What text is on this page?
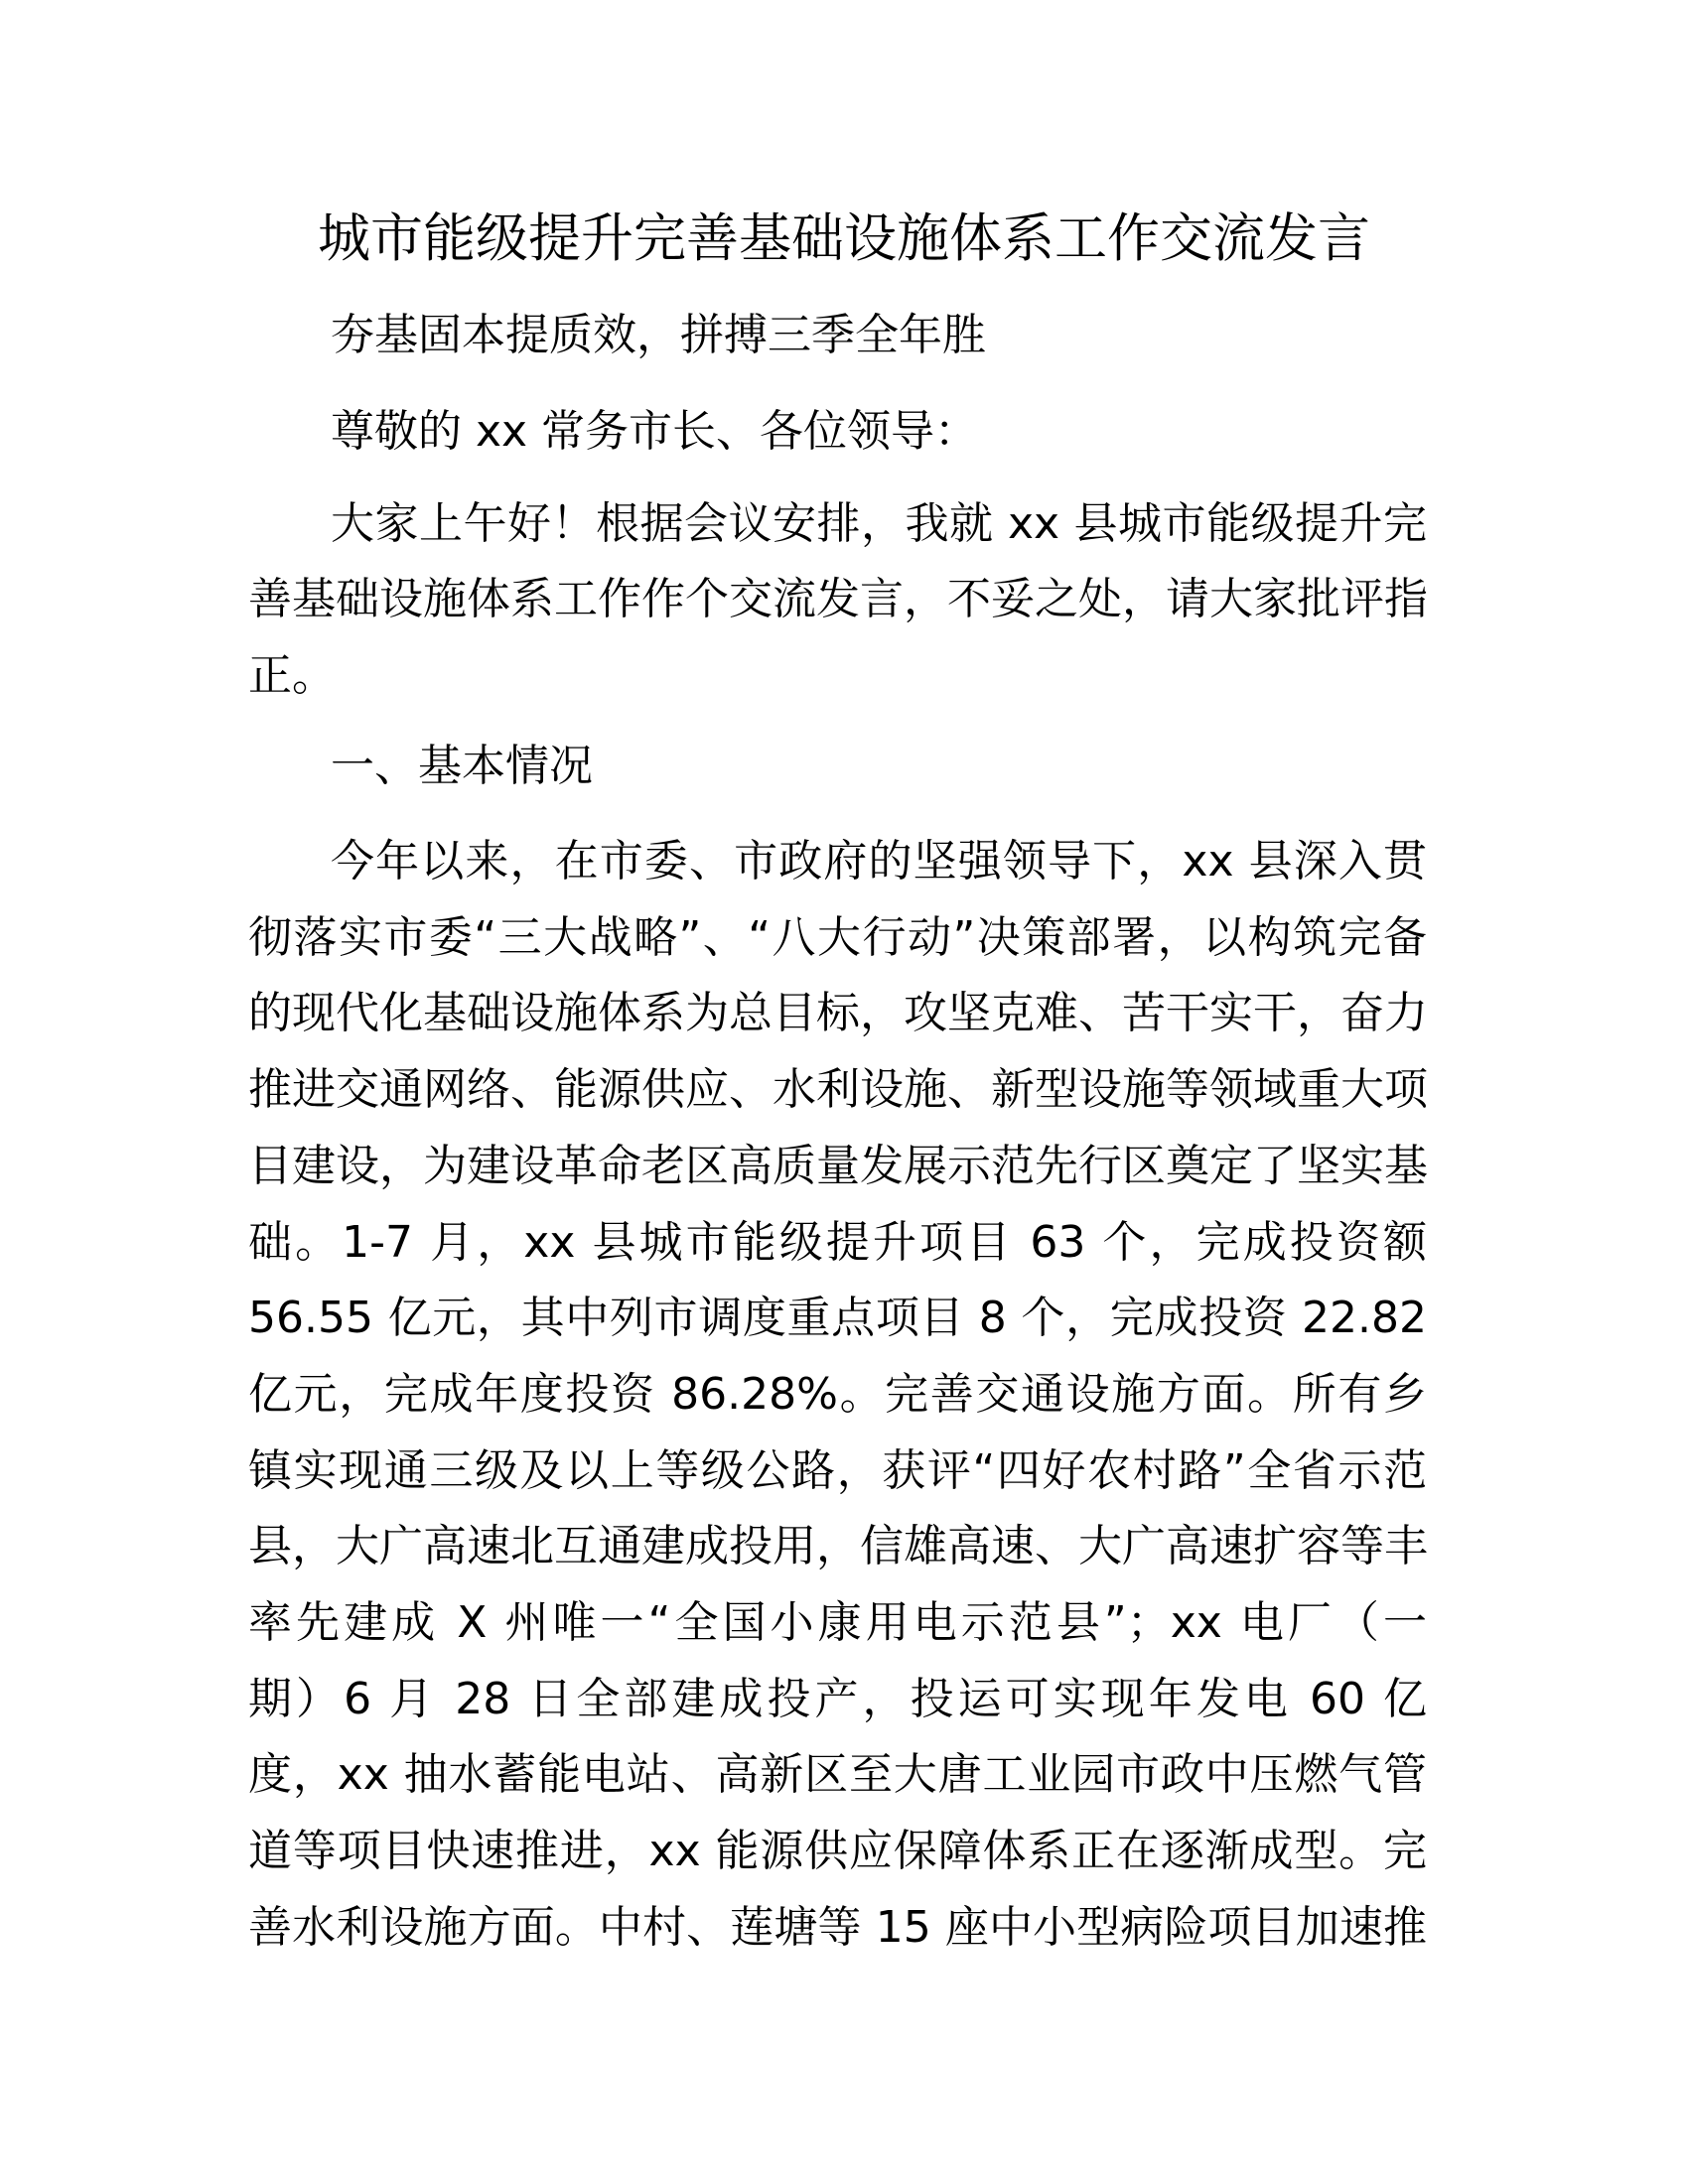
城市能级提升完善基础设施体系工作交流发言
夯基固本提质效，拼搏三季全年胜
尊敬的 xx 常务市长、各位领导：
大家上午好！根据会议安排，我就 xx 县城市能级提升完
善基础设施体系工作作个交流发言，不妥之处，请大家批评指
正。
一、基本情况
今年以来，在市委、市政府的坚强领导下，xx 县深入贯
彻落实市委“三大战略”、“八大行动”决策部署，以构筑完备
的现代化基础设施体系为总目标，攻坚克难、苦干实干，奋力
推进交通网络、能源供应、水利设施、新型设施等领域重大项
目建设，为建设革命老区高质量发展示范先行区奠定了坚实基
础。1-7 月，xx 县城市能级提升项目 63 个，完成投资额
56.55 亿元，其中列市调度重点项目 8 个，完成投资 22.82
亿元，完成年度投资 86.28%。完善交通设施方面。所有乡
镇实现通三级及以上等级公路，获评“四好农村路”全省示范
县，大广高速北互通建成投用，信雄高速、大广高速扩容等丰
率先建成 X 州唯一“全国小康用电示范县”；xx 电厂（一
期）6 月 28 日全部建成投产，投运可实现年发电 60 亿
度，xx 抽水蓄能电站、高新区至大唐工业园市政中压燃气管
道等项目快速推进，xx 能源供应保障体系正在逐渐成型。完
善水利设施方面。中村、莲塘等 15 座中小型病险项目加速推
